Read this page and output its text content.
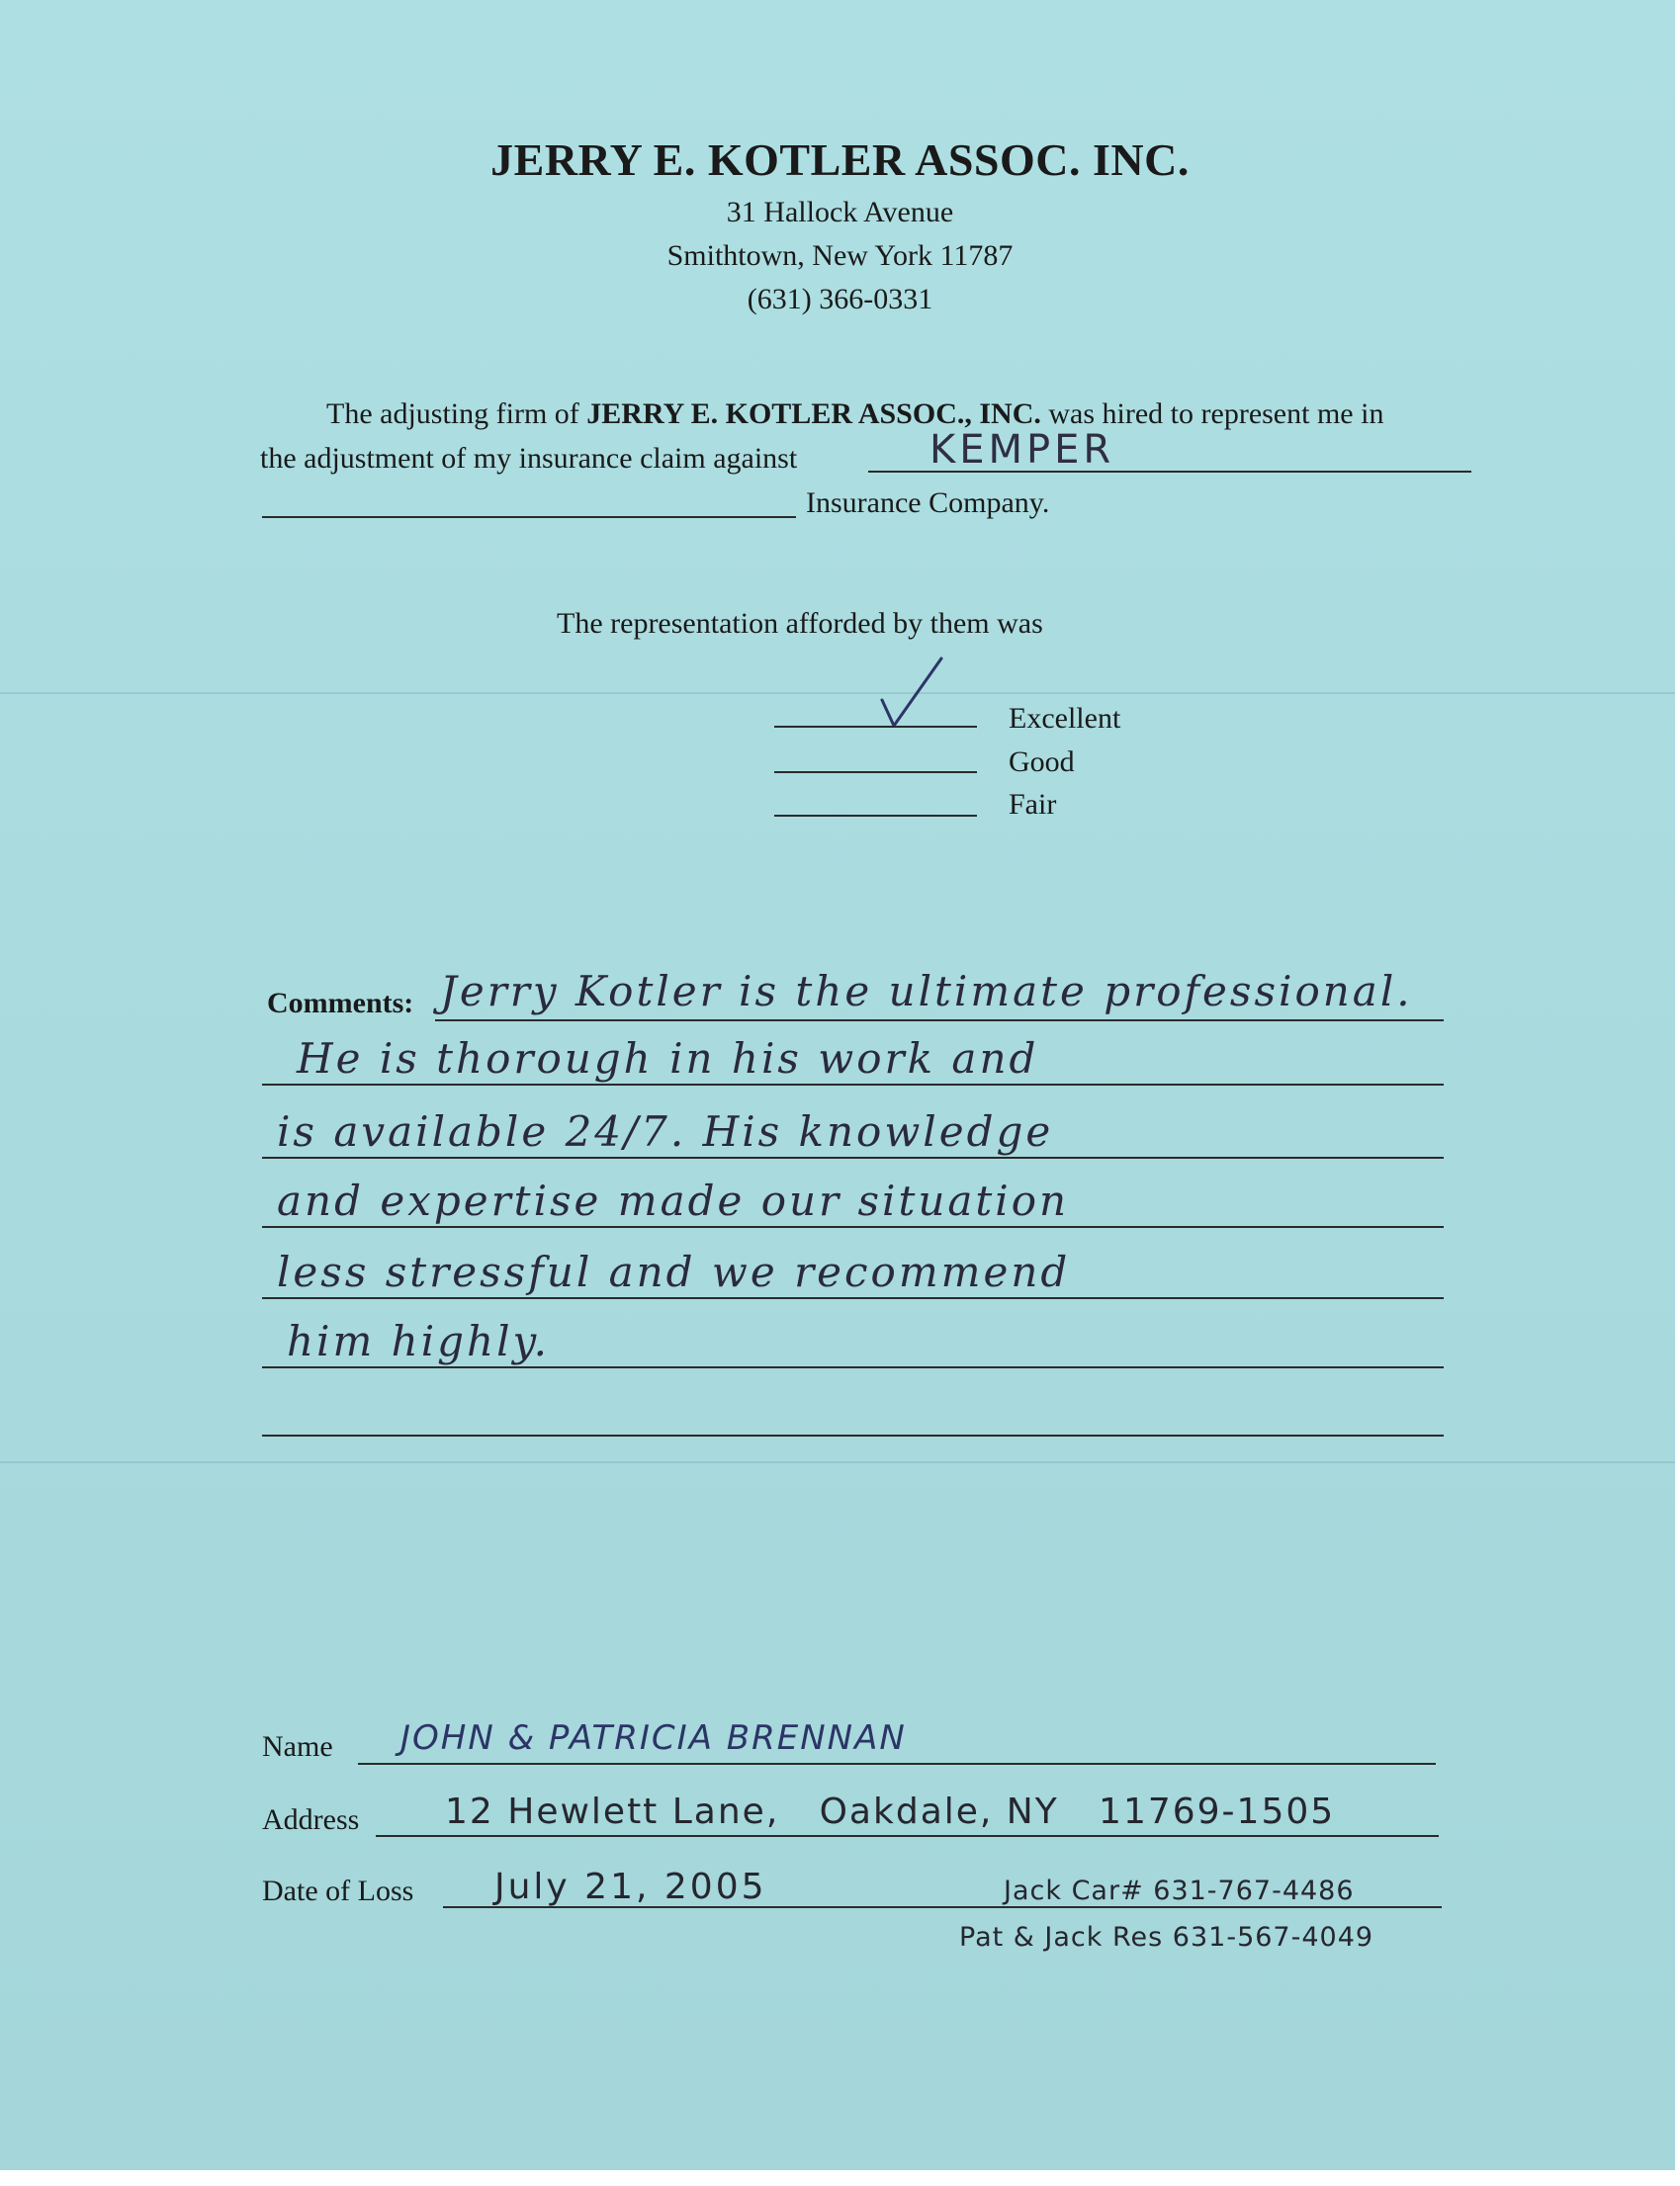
JERRY E. KOTLER ASSOC. INC.
31 Hallock Avenue
Smithtown, New York 11787
(631) 366-0331
The adjusting firm of JERRY E. KOTLER ASSOC., INC. was hired to represent me in
the adjustment of my insurance claim against	KEMPER
Insurance Company.
The representation afforded by them was
Excellent
Good
Fair
Comments: Jerry Kotler is the ultimate professional.
He is thorough in his work and
is available 24/7. His knowledge
and expertise made our situation
less stressful and we recommend
him highly.
Name JOHN & PATRICIA BRENNAN
Address 12 Hewlett Lane,   Oakdale, NY   11769-1505
Date of Loss July 21, 2005	Jack Car# 631-767-4486
Pat & Jack Res 631-567-4049
